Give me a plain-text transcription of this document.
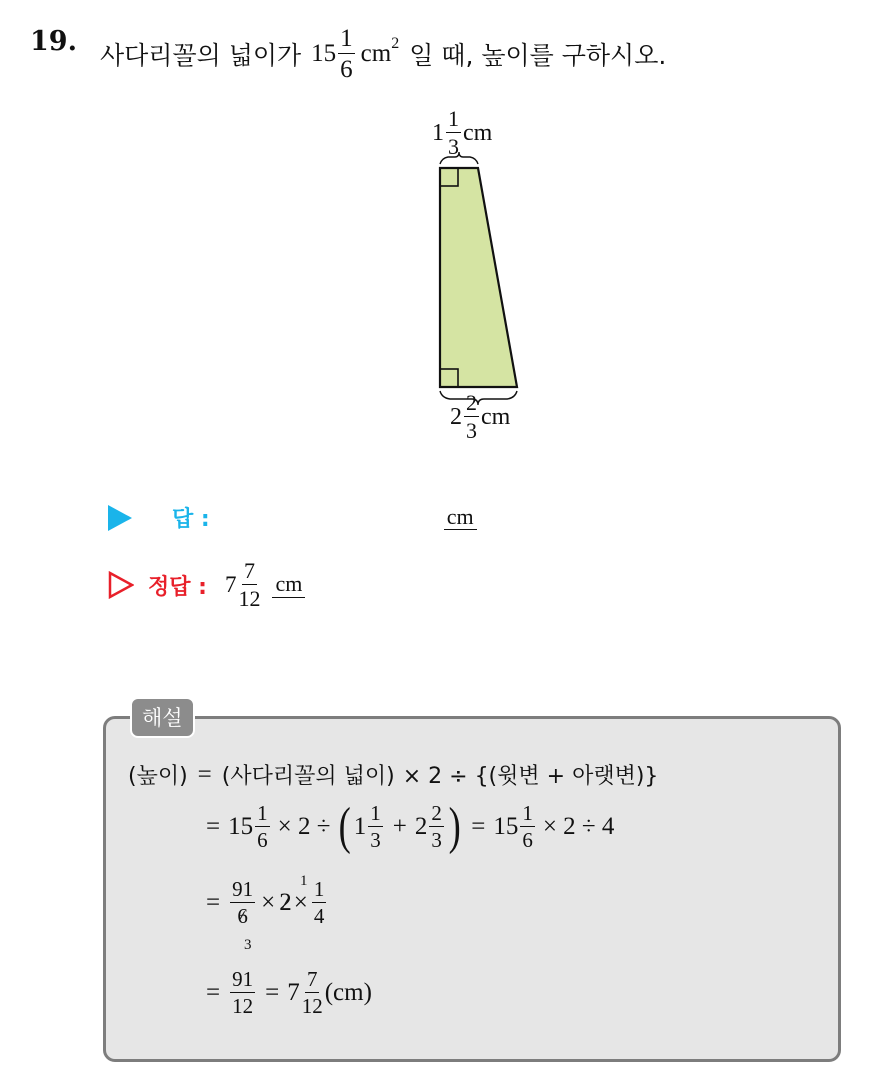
19. 사다리꼴의 넓이가 $15 \frac{1}{6} cm^2$ 일 때, 높이를 구하시오.
$1 \frac{1}{3}$ cm
$2 \frac{2}{3}$ cm
답 :	cm
정답 : $7 \frac{7}{12}$ cm
해설
(높이) = (사다리꼴의 넓이) × 2 ÷ {(윗변 + 아랫변)}
= $15 \frac{1}{6} \times 2$ ÷ ( $1 \frac{1}{3} + 2 \frac{2}{3}$ ) = $15 \frac{1}{6} \times 2 \div 4$
= $\frac{91}{6}$
3
× 2
1
× $\frac{1}{4}$
= $\frac{91}{12} = 7 \frac{7}{12} (cm)$
